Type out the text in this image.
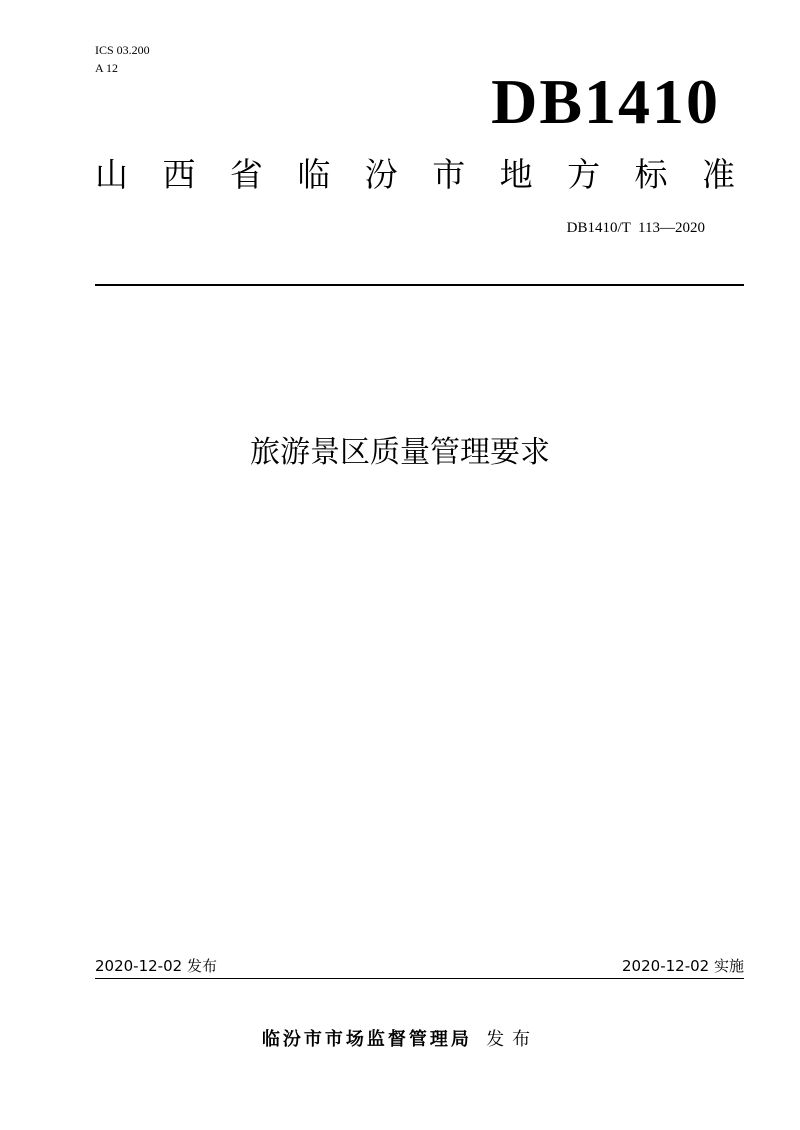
ICS 03.200
A 12	DB1410
山 西 省 临 汾 市 地 方 标 准
DB1410/T  113—2020
旅游景区质量管理要求
2020-12-02 发布	2020-12-02 实施
临汾市市场监督管理局 发布
